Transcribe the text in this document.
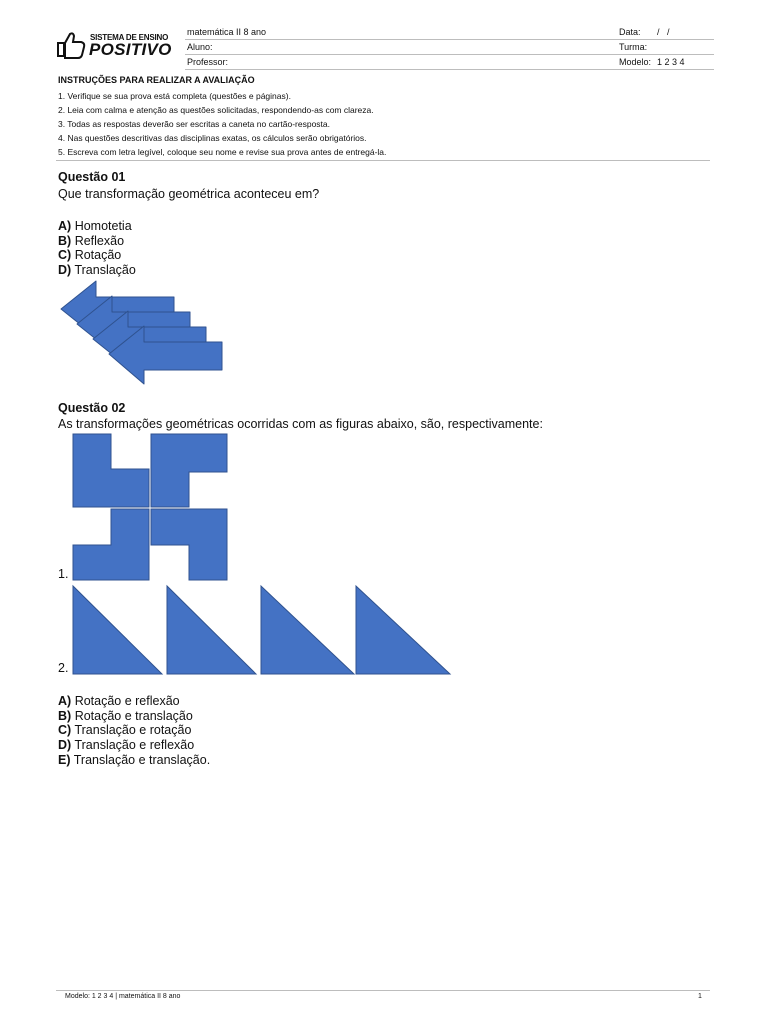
SISTEMA DE ENSINO
POSITIVO
matemática II 8 ano
Aluno:
Professor:
Data: /   /
Turma:
Modelo: 1 2 3 4
INSTRUÇÕES PARA REALIZAR A AVALIAÇÃO
1. Verifique se sua prova está completa (questões e páginas).
2. Leia com calma e atenção as questões solicitadas, respondendo-as com clareza.
3. Todas as respostas deverão ser escritas a caneta no cartão-resposta.
4. Nas questões descritivas das disciplinas exatas, os cálculos serão obrigatórios.
5. Escreva com letra legível, coloque seu nome e revise sua prova antes de entregá-la.
Questão 01
Que transformação geométrica aconteceu em?
A) Homotetia
B) Reflexão
C) Rotação
D) Translação
Questão 02
As transformações geométricas ocorridas com as figuras abaixo, são, respectivamente:
1.
2.
A) Rotação e reflexão
B) Rotação e translação
C) Translação e rotação
D) Translação e reflexão
E) Translação e translação.
Modelo: 1 2 3 4 | matemática II 8 ano	1
